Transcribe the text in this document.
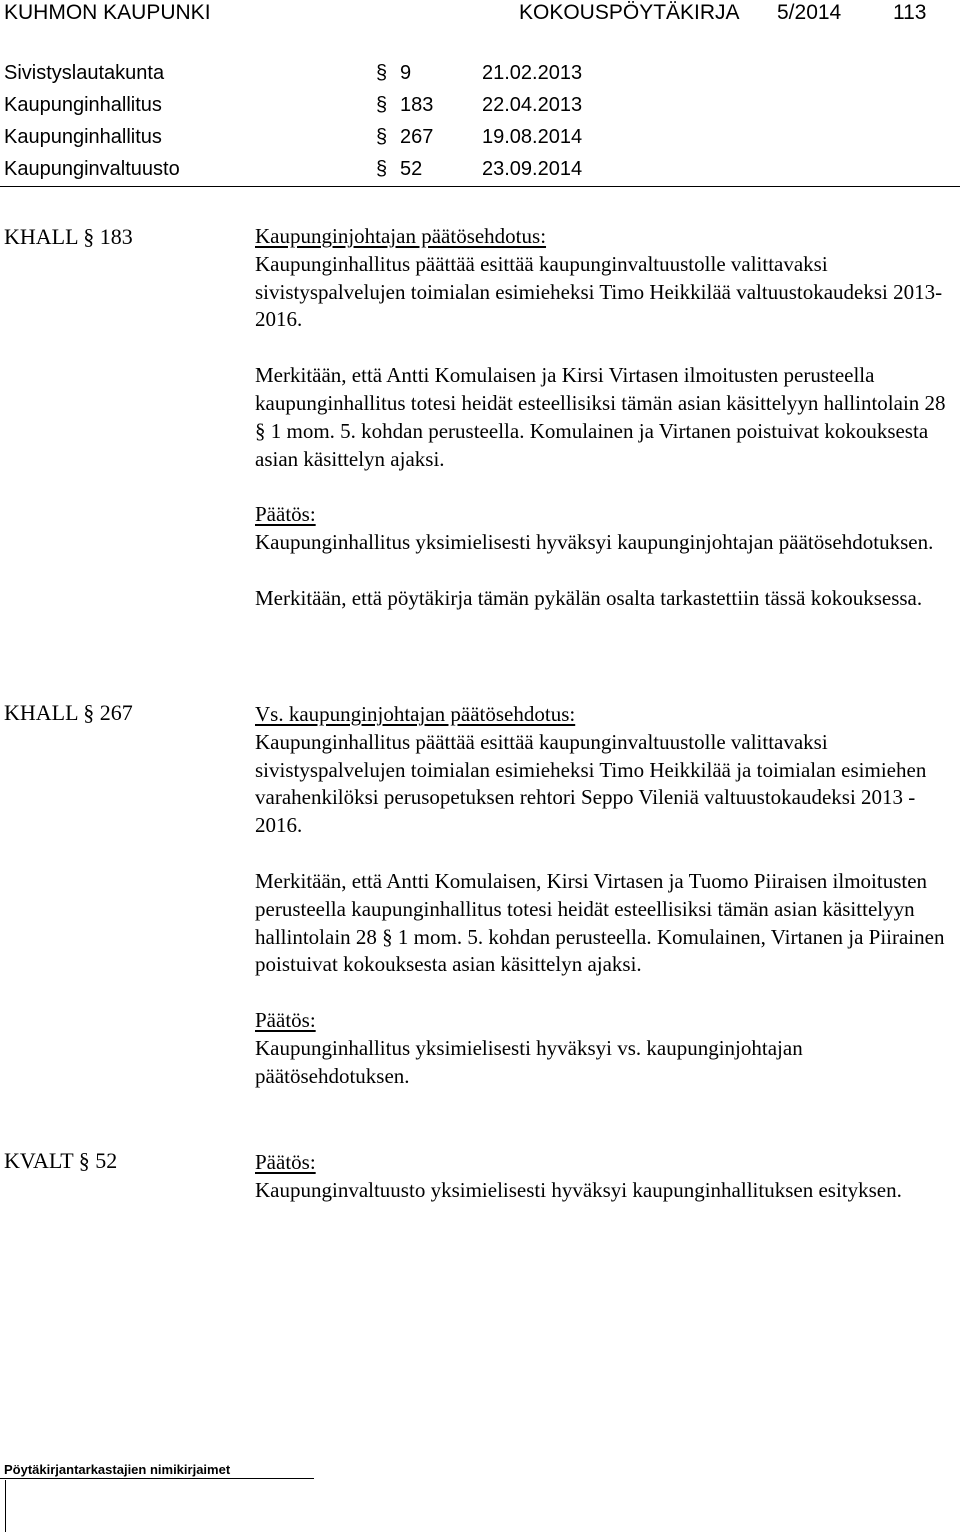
KUHMON KAUPUNKI	KOKOUSPÖYTÄKIRJA 5/2014 113
Sivistyslautakunta	§ 9	21.02.2013
Kaupunginhallitus	§ 183 22.04.2013
Kaupunginhallitus	§ 267 19.08.2014
Kaupunginvaltuusto	§ 52	23.09.2014
KHALL § 183	Kaupunginjohtajan päätösehdotus:

Kaupunginhallitus päättää esittää kaupunginvaltuustolle valittavaksi sivistyspalvelujen toimialan esimieheksi Timo Heikkilää valtuustokaudeksi 2013-2016.

Merkitään, että Antti Komulaisen ja Kirsi Virtasen ilmoitusten perusteella kaupunginhallitus totesi heidät esteellisiksi tämän asian käsittelyyn hallintolain 28 § 1 mom. 5. kohdan perusteella. Komulainen ja Virtanen poistuivat kokouksesta asian käsittelyn ajaksi.

Päätös:

Kaupunginhallitus yksimielisesti hyväksyi kaupunginjohtajan päätösehdotuksen.

Merkitään, että pöytäkirja tämän pykälän osalta tarkastettiin tässä kokouksessa.

KHALL § 267	Vs. kaupunginjohtajan päätösehdotus:

Kaupunginhallitus päättää esittää kaupunginvaltuustolle valittavaksi sivistyspalvelujen toimialan esimieheksi Timo Heikkilää ja toimialan esimiehen varahenkilöksi perusopetuksen rehtori Seppo Vileniä valtuustokaudeksi 2013 - 2016.

Merkitään, että Antti Komulaisen, Kirsi Virtasen ja Tuomo Piiraisen ilmoitusten perusteella kaupunginhallitus totesi heidät esteellisiksi tämän asian käsittelyyn hallintolain 28 § 1 mom. 5. kohdan perusteella. Komulainen, Virtanen ja Piirainen poistuivat kokouksesta asian käsittelyn ajaksi.

Päätös:

Kaupunginhallitus yksimielisesti hyväksyi vs. kaupunginjohtajan päätösehdotuksen.

KVALT § 52	Päätös:

Kaupunginvaltuusto yksimielisesti hyväksyi kaupunginhallituksen esityksen.

Pöytäkirjantarkastajien nimikirjaimet
